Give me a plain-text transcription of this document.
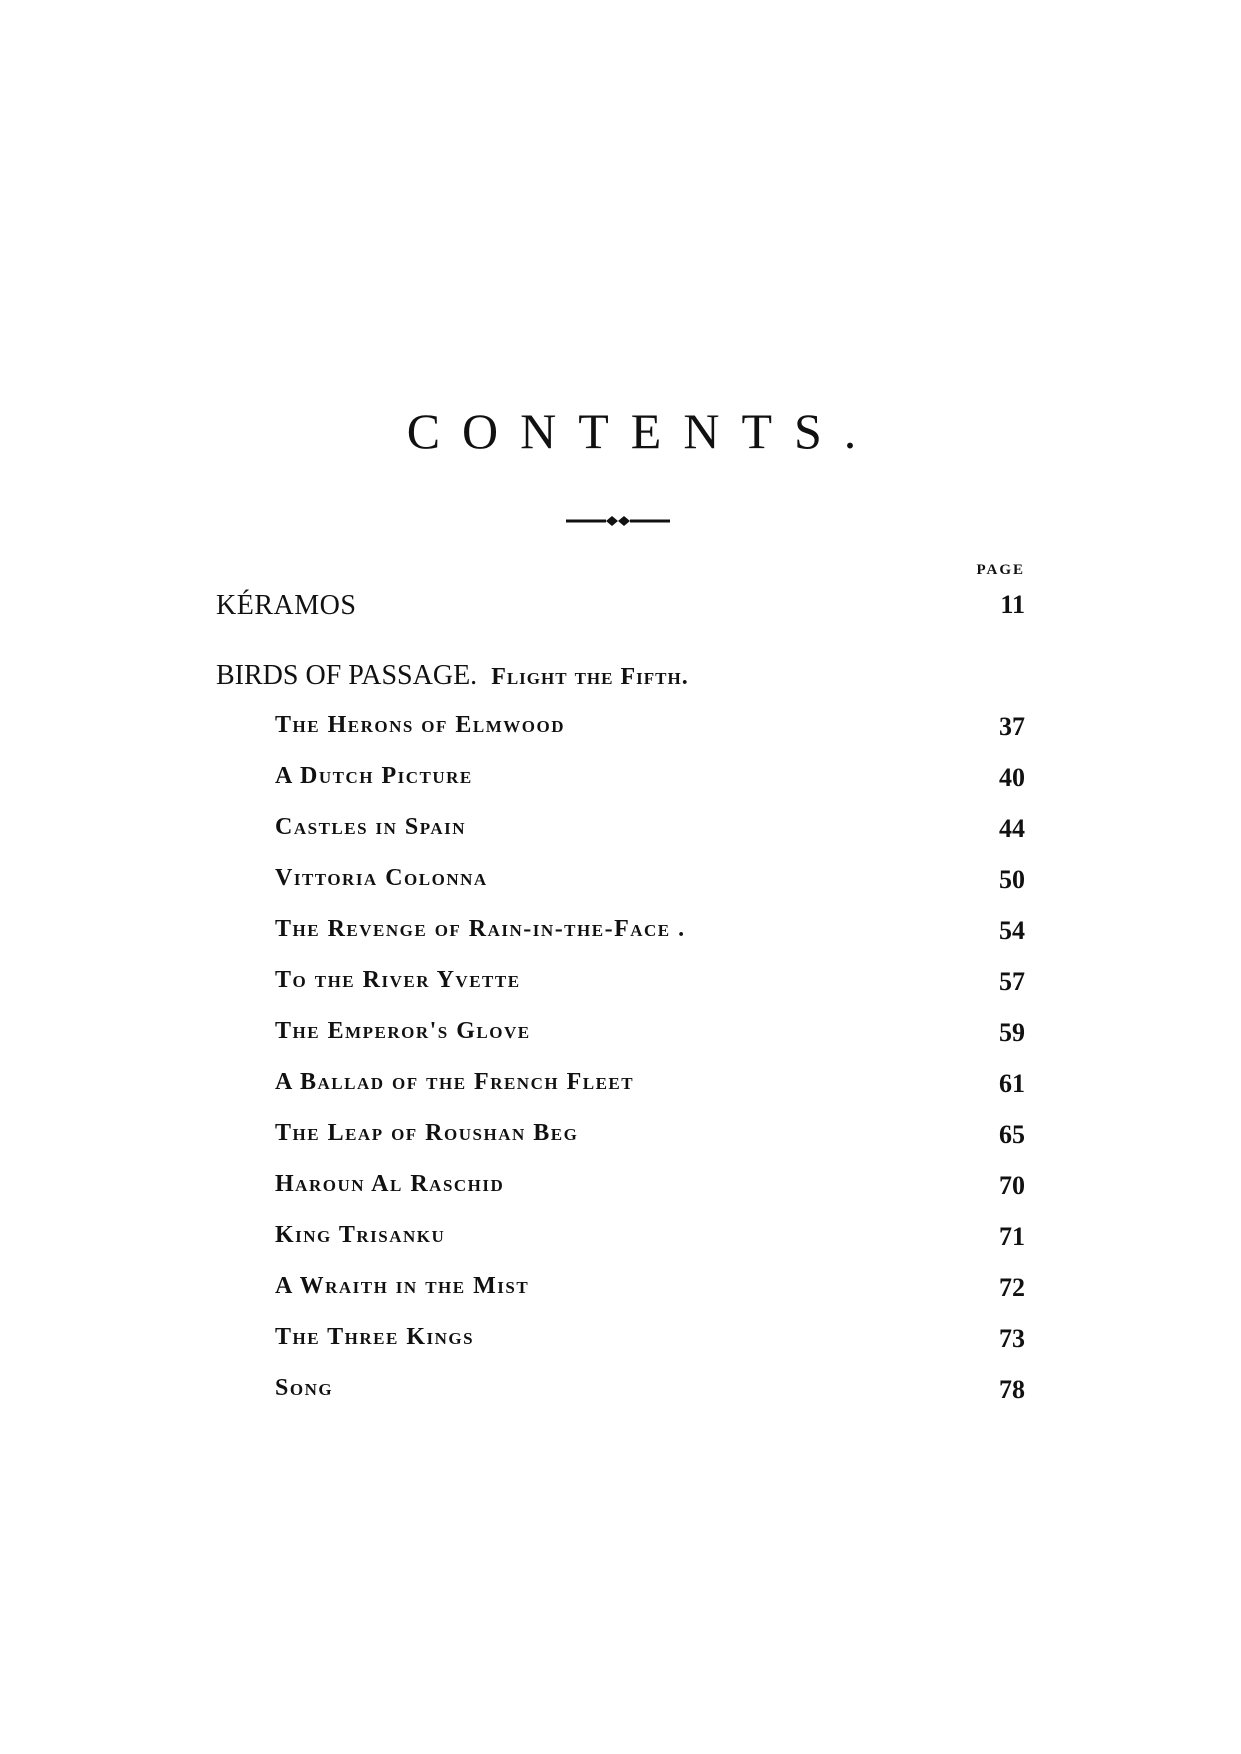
CONTENTS.
PAGE
KÉRAMOS	11
BIRDS OF PASSAGE. Flight the Fifth.
The Herons of Elmwood	37
A Dutch Picture	40
Castles in Spain	44
Vittoria Colonna	50
The Revenge of Rain-in-the-Face .	54
To the River Yvette	57
The Emperor's Glove	59
A Ballad of the French Fleet	61
The Leap of Roushan Beg	65
Haroun Al Raschid	70
King Trisanku	71
A Wraith in the Mist	72
The Three Kings	73
Song	78
